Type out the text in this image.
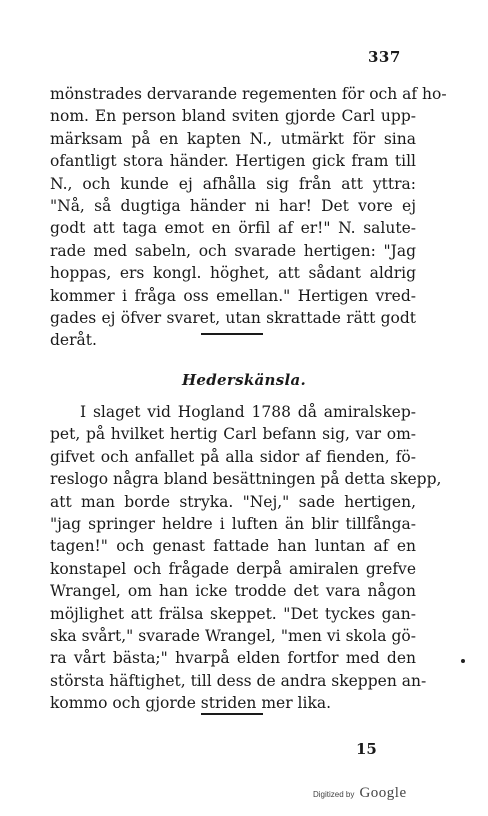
337
mönstrades dervarande regementen för och af ho-
nom. En person bland sviten gjorde Carl upp-
märksam på en kapten N., utmärkt för sina
ofantligt stora händer. Hertigen gick fram till
N., och kunde ej afhålla sig från att yttra:
"Nå, så dugtiga händer ni har! Det vore ej
godt att taga emot en örfil af er!" N. salute-
rade med sabeln, och svarade hertigen: "Jag
hoppas, ers kongl. höghet, att sådant aldrig
kommer i fråga oss emellan." Hertigen vred-
gades ej öfver svaret, utan skrattade rätt godt
deråt.
Hederskänsla.
I slaget vid Hogland 1788 då amiralskep-
pet, på hvilket hertig Carl befann sig, var om-
gifvet och anfallet på alla sidor af fienden, fö-
reslogo några bland besättningen på detta skepp,
att man borde stryka. "Nej," sade hertigen,
"jag springer heldre i luften än blir tillfånga-
tagen!" och genast fattade han luntan af en
konstapel och frågade derpå amiralen grefve
Wrangel, om han icke trodde det vara någon
möjlighet att frälsa skeppet. "Det tyckes gan-
ska svårt," svarade Wrangel, "men vi skola gö-
ra vårt bästa;" hvarpå elden fortfor med den
största häftighet, till dess de andra skeppen an-
kommo och gjorde striden mer lika.
15
Digitized by Google
